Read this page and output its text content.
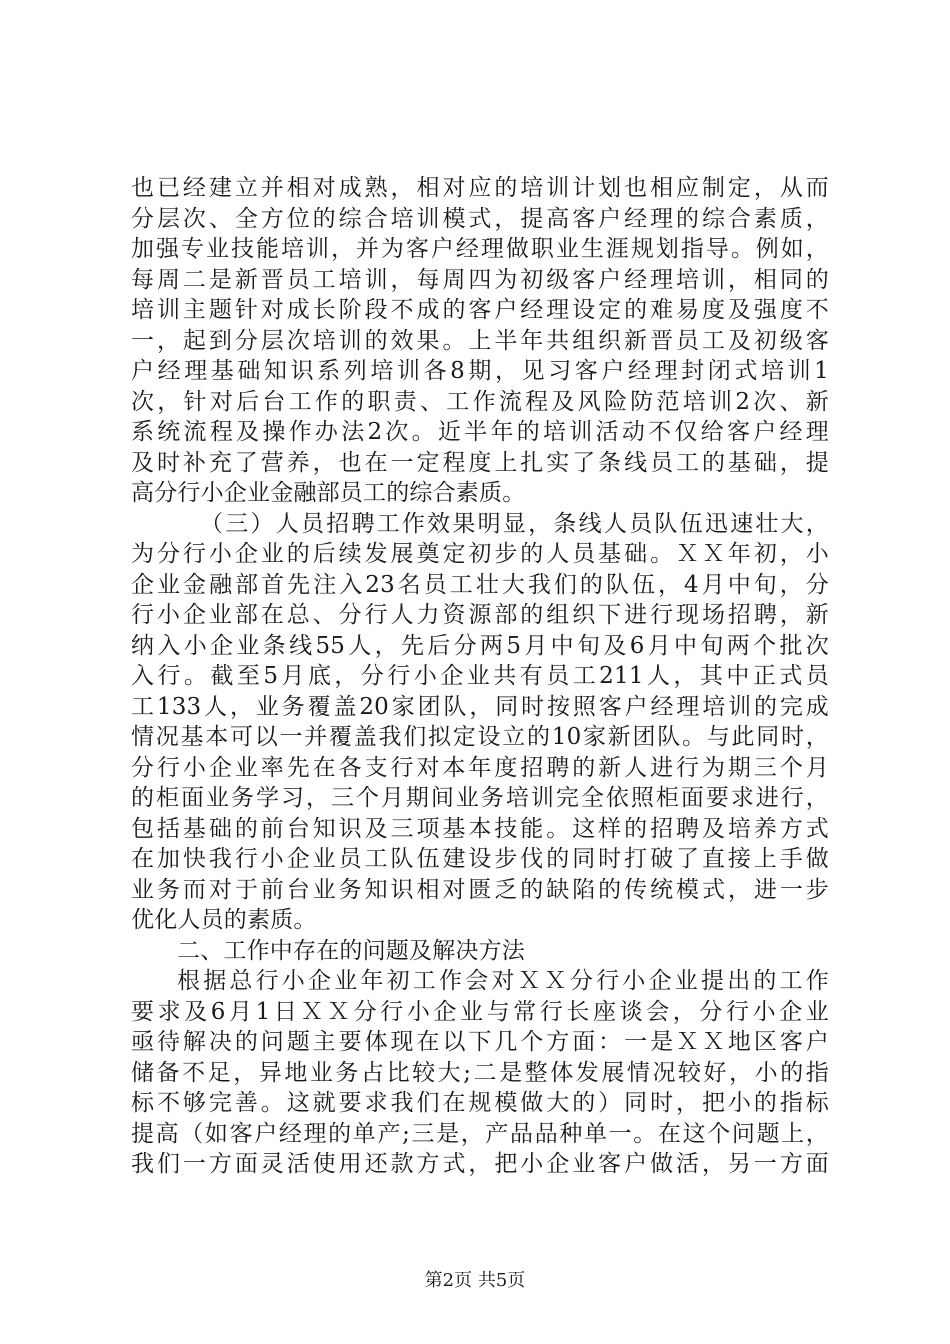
也已经建立并相对成熟，相对应的培训计划也相应制定，从而
分层次、全方位的综合培训模式，提高客户经理的综合素质，
加强专业技能培训，并为客户经理做职业生涯规划指导。例如，
每周二是新晋员工培训，每周四为初级客户经理培训，相同的
培训主题针对成长阶段不成的客户经理设定的难易度及强度不
一，起到分层次培训的效果。上半年共组织新晋员工及初级客
户经理基础知识系列培训各8期，见习客户经理封闭式培训1
次，针对后台工作的职责、工作流程及风险防范培训2次、新
系统流程及操作办法2次。近半年的培训活动不仅给客户经理
及时补充了营养，也在一定程度上扎实了条线员工的基础，提
高分行小企业金融部员工的综合素质。
（三）人员招聘工作效果明显，条线人员队伍迅速壮大，
为分行小企业的后续发展奠定初步的人员基础。ＸＸ年初，小
企业金融部首先注入23名员工壮大我们的队伍，4月中旬，分
行小企业部在总、分行人力资源部的组织下进行现场招聘，新
纳入小企业条线55人，先后分两5月中旬及6月中旬两个批次
入行。截至5月底，分行小企业共有员工211人，其中正式员
工133人，业务覆盖20家团队，同时按照客户经理培训的完成
情况基本可以一并覆盖我们拟定设立的10家新团队。与此同时，
分行小企业率先在各支行对本年度招聘的新人进行为期三个月
的柜面业务学习，三个月期间业务培训完全依照柜面要求进行，
包括基础的前台知识及三项基本技能。这样的招聘及培养方式
在加快我行小企业员工队伍建设步伐的同时打破了直接上手做
业务而对于前台业务知识相对匮乏的缺陷的传统模式，进一步
优化人员的素质。
二、工作中存在的问题及解决方法
根据总行小企业年初工作会对ＸＸ分行小企业提出的工作
要求及6月1日ＸＸ分行小企业与常行长座谈会，分行小企业
亟待解决的问题主要体现在以下几个方面：一是ＸＸ地区客户
储备不足，异地业务占比较大;二是整体发展情况较好，小的指
标不够完善。这就要求我们在规模做大的）同时，把小的指标
提高（如客户经理的单产;三是，产品品种单一。在这个问题上，
我们一方面灵活使用还款方式，把小企业客户做活，另一方面
第2页 共5页
